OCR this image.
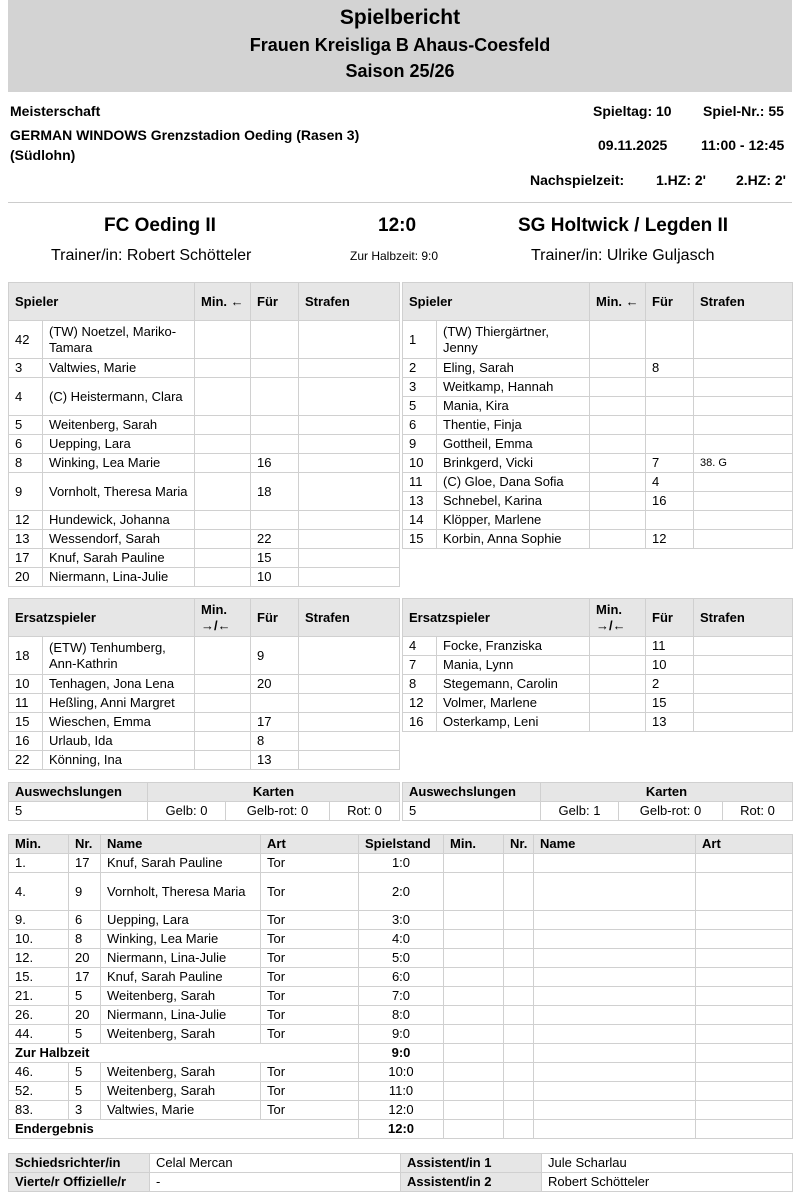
Spielbericht
Frauen Kreisliga B Ahaus-Coesfeld
Saison 25/26
Meisterschaft
GERMAN WINDOWS Grenzstadion Oeding (Rasen 3)
(Südlohn)
Spieltag: 10 Spiel-Nr.: 55
09.11.2025 11:00 - 12:45
Nachspielzeit: 1.HZ: 2' 2.HZ: 2'
FC Oeding II	12:0	SG Holtwick / Legden II
Trainer/in: Robert Schötteler	Zur Halbzeit: 9:0	Trainer/in: Ulrike Guljasch
Spieler		Min. ←	Für	Strafen
42	(TW) Noetzel, Mariko-Tamara			
3	Valtwies, Marie			
4	(C) Heistermann, Clara			
5	Weitenberg, Sarah			
6	Uepping, Lara			
8	Winking, Lea Marie		16	
9	Vornholt, Theresa Maria		18	
12	Hundewick, Johanna			
13	Wessendorf, Sarah		22	
17	Knuf, Sarah Pauline		15	
20	Niermann, Lina-Julie		10	
Spieler		Min. ←	Für	Strafen
1	(TW) Thiergärtner, Jenny			
2	Eling, Sarah		8	
3	Weitkamp, Hannah			
5	Mania, Kira			
6	Thentie, Finja			
9	Gottheil, Emma			
10	Brinkgerd, Vicki		7	38. G
11	(C) Gloe, Dana Sofia		4	
13	Schnebel, Karina		16	
14	Klöpper, Marlene			
15	Korbin, Anna Sophie		12	
Ersatzspieler		Min. →/←	Für	Strafen
18	(ETW) Tenhumberg, Ann-Kathrin		9	
10	Tenhagen, Jona Lena		20	
11	Heßling, Anni Margret			
15	Wieschen, Emma		17	
16	Urlaub, Ida		8	
22	Könning, Ina		13	
Ersatzspieler		Min. →/←	Für	Strafen
4	Focke, Franziska		11	
7	Mania, Lynn		10	
8	Stegemann, Carolin		2	
12	Volmer, Marlene		15	
16	Osterkamp, Leni		13	
Auswechslungen	Karten		
5	Gelb: 0	Gelb-rot: 0	Rot: 0
Auswechslungen	Karten		
5	Gelb: 1	Gelb-rot: 0	Rot: 0
Min.	Nr.	Name	Art	Spielstand	Min.	Nr.	Name	Art
1.	17	Knuf, Sarah Pauline	Tor	1:0				
4.	9	Vornholt, Theresa Maria	Tor	2:0				
9.	6	Uepping, Lara	Tor	3:0				
10.	8	Winking, Lea Marie	Tor	4:0				
12.	20	Niermann, Lina-Julie	Tor	5:0				
15.	17	Knuf, Sarah Pauline	Tor	6:0				
21.	5	Weitenberg, Sarah	Tor	7:0				
26.	20	Niermann, Lina-Julie	Tor	8:0				
44.	5	Weitenberg, Sarah	Tor	9:0				
Zur Halbzeit				9:0				
46.	5	Weitenberg, Sarah	Tor	10:0				
52.	5	Weitenberg, Sarah	Tor	11:0				
83.	3	Valtwies, Marie	Tor	12:0				
Endergebnis				12:0				
Schiedsrichter/in	Celal Mercan	Assistent/in 1	Jule Scharlau
Vierte/r Offizielle/r	-	Assistent/in 2	Robert Schötteler
